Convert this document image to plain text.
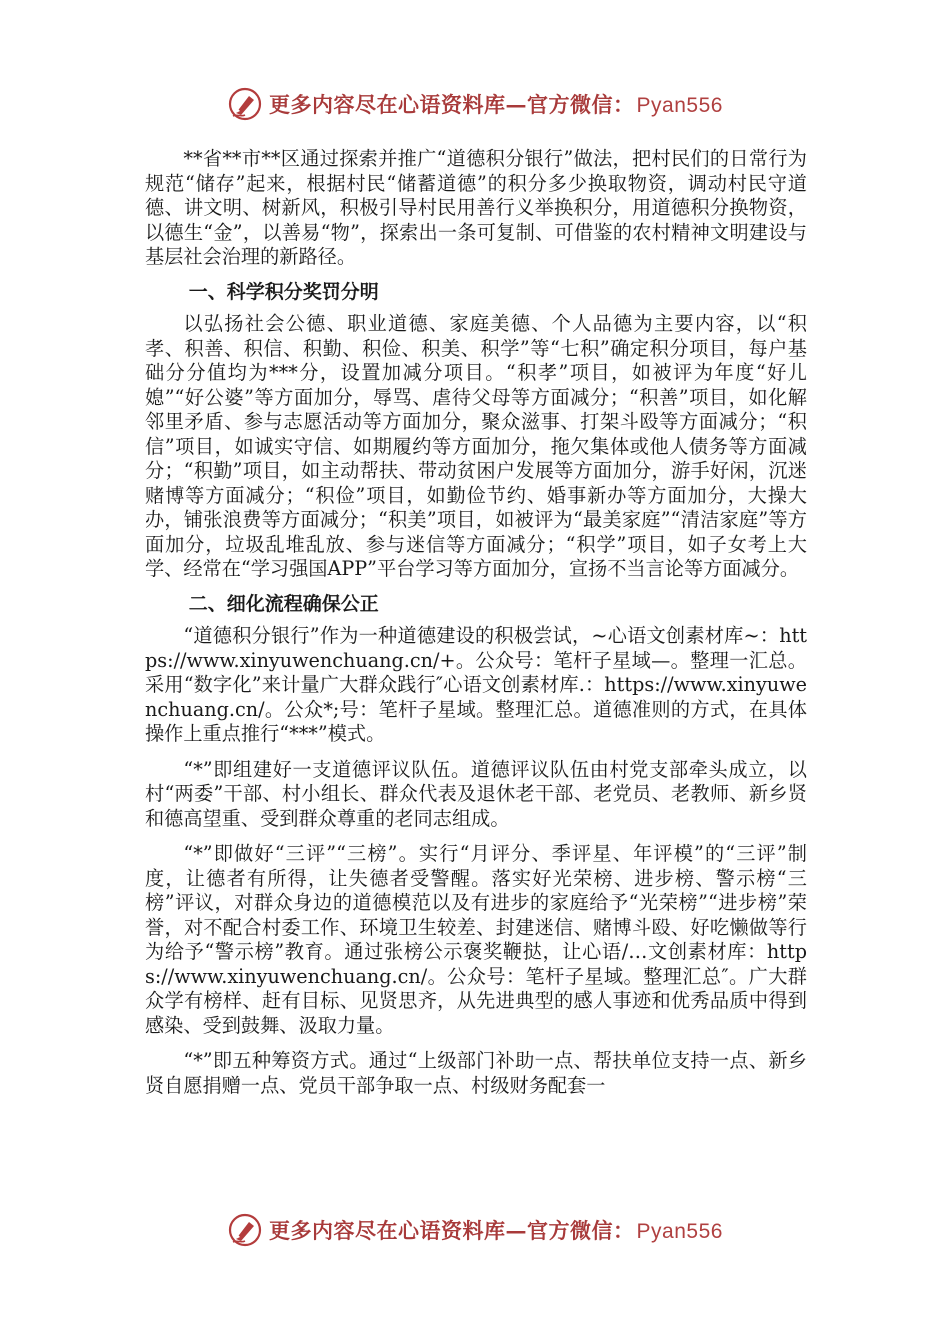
更多内容尽在心语资料库—官方微信：Pyan556

**省**市**区通过探索并推广“道德积分银行”做法，把村民们的日常行为规范“储存”起来，根据村民“储蓄道德”的积分多少换取物资，调动村民守道德、讲文明、树新风，积极引导村民用善行义举换积分，用道德积分换物资，以德生“金”，以善易“物”，探索出一条可复制、可借鉴的农村精神文明建设与基层社会治理的新路径。

一、科学积分奖罚分明

以弘扬社会公德、职业道德、家庭美德、个人品德为主要内容，以“积孝、积善、积信、积勤、积俭、积美、积学”等“七积”确定积分项目，每户基础分分值均为***分，设置加减分项目。“积孝”项目，如被评为年度“好儿媳”“好公婆”等方面加分，辱骂、虐待父母等方面减分；“积善”项目，如化解邻里矛盾、参与志愿活动等方面加分，聚众滋事、打架斗殴等方面减分；“积信”项目，如诚实守信、如期履约等方面加分，拖欠集体或他人债务等方面减分；“积勤”项目，如主动帮扶、带动贫困户发展等方面加分，游手好闲，沉迷赌博等方面减分；“积俭”项目，如勤俭节约、婚事新办等方面加分，大操大办，铺张浪费等方面减分；“积美”项目，如被评为“最美家庭”“清洁家庭”等方面加分，垃圾乱堆乱放、参与迷信等方面减分；“积学”项目，如子女考上大学、经常在“学习强国APP”平台学习等方面加分，宣扬不当言论等方面减分。

二、细化流程确保公正

“道德积分银行”作为一种道德建设的积极尝试，~心语文创素材库~：https://www.xinyuwenchuang.cn/+。公众号：笔杆子星域—。整理一汇总。采用“数字化”来计量广大群众践行″心语文创素材库.：https://www.xinyuwenchuang.cn/。公众*;号：笔杆子星域。整理汇总。道德准则的方式，在具体操作上重点推行“***”模式。

“*”即组建好一支道德评议队伍。道德评议队伍由村党支部牵头成立，以村“两委”干部、村小组长、群众代表及退休老干部、老党员、老教师、新乡贤和德高望重、受到群众尊重的老同志组成。

“*”即做好“三评”“三榜”。实行“月评分、季评星、年评模”的“三评”制度，让德者有所得，让失德者受警醒。落实好光荣榜、进步榜、警示榜“三榜”评议，对群众身边的道德模范以及有进步的家庭给予“光荣榜”“进步榜”荣誉，对不配合村委工作、环境卫生较差、封建迷信、赌博斗殴、好吃懒做等行为给予“警示榜”教育。通过张榜公示褒奖鞭挞，让心语/…文创素材库：https://www.xinyuwenchuang.cn/。公众号：笔杆子星域。整理汇总″。广大群众学有榜样、赶有目标、见贤思齐，从先进典型的感人事迹和优秀品质中得到感染、受到鼓舞、汲取力量。

“*”即五种筹资方式。通过“上级部门补助一点、帮扶单位支持一点、新乡贤自愿捐赠一点、党员干部争取一点、村级财务配套一

更多内容尽在心语资料库—官方微信：Pyan556
